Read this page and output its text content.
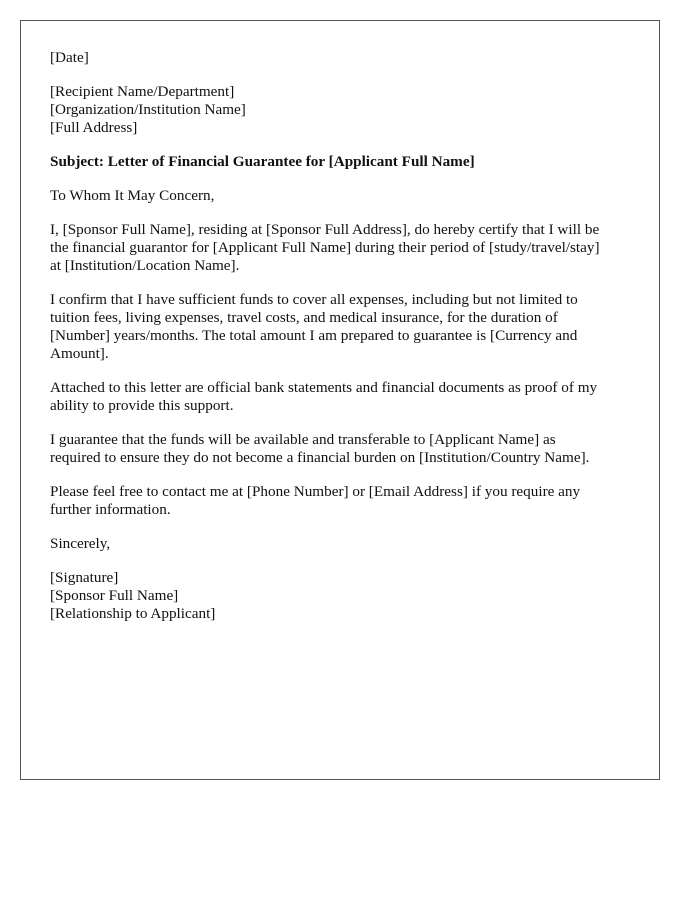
[Date]
[Recipient Name/Department]
[Organization/Institution Name]
[Full Address]
Subject: Letter of Financial Guarantee for [Applicant Full Name]
To Whom It May Concern,
I, [Sponsor Full Name], residing at [Sponsor Full Address], do hereby certify that I will be
the financial guarantor for [Applicant Full Name] during their period of [study/travel/stay]
at [Institution/Location Name].
I confirm that I have sufficient funds to cover all expenses, including but not limited to
tuition fees, living expenses, travel costs, and medical insurance, for the duration of
[Number] years/months. The total amount I am prepared to guarantee is [Currency and
Amount].
Attached to this letter are official bank statements and financial documents as proof of my
ability to provide this support.
I guarantee that the funds will be available and transferable to [Applicant Name] as
required to ensure they do not become a financial burden on [Institution/Country Name].
Please feel free to contact me at [Phone Number] or [Email Address] if you require any
further information.
Sincerely,
[Signature]
[Sponsor Full Name]
[Relationship to Applicant]
